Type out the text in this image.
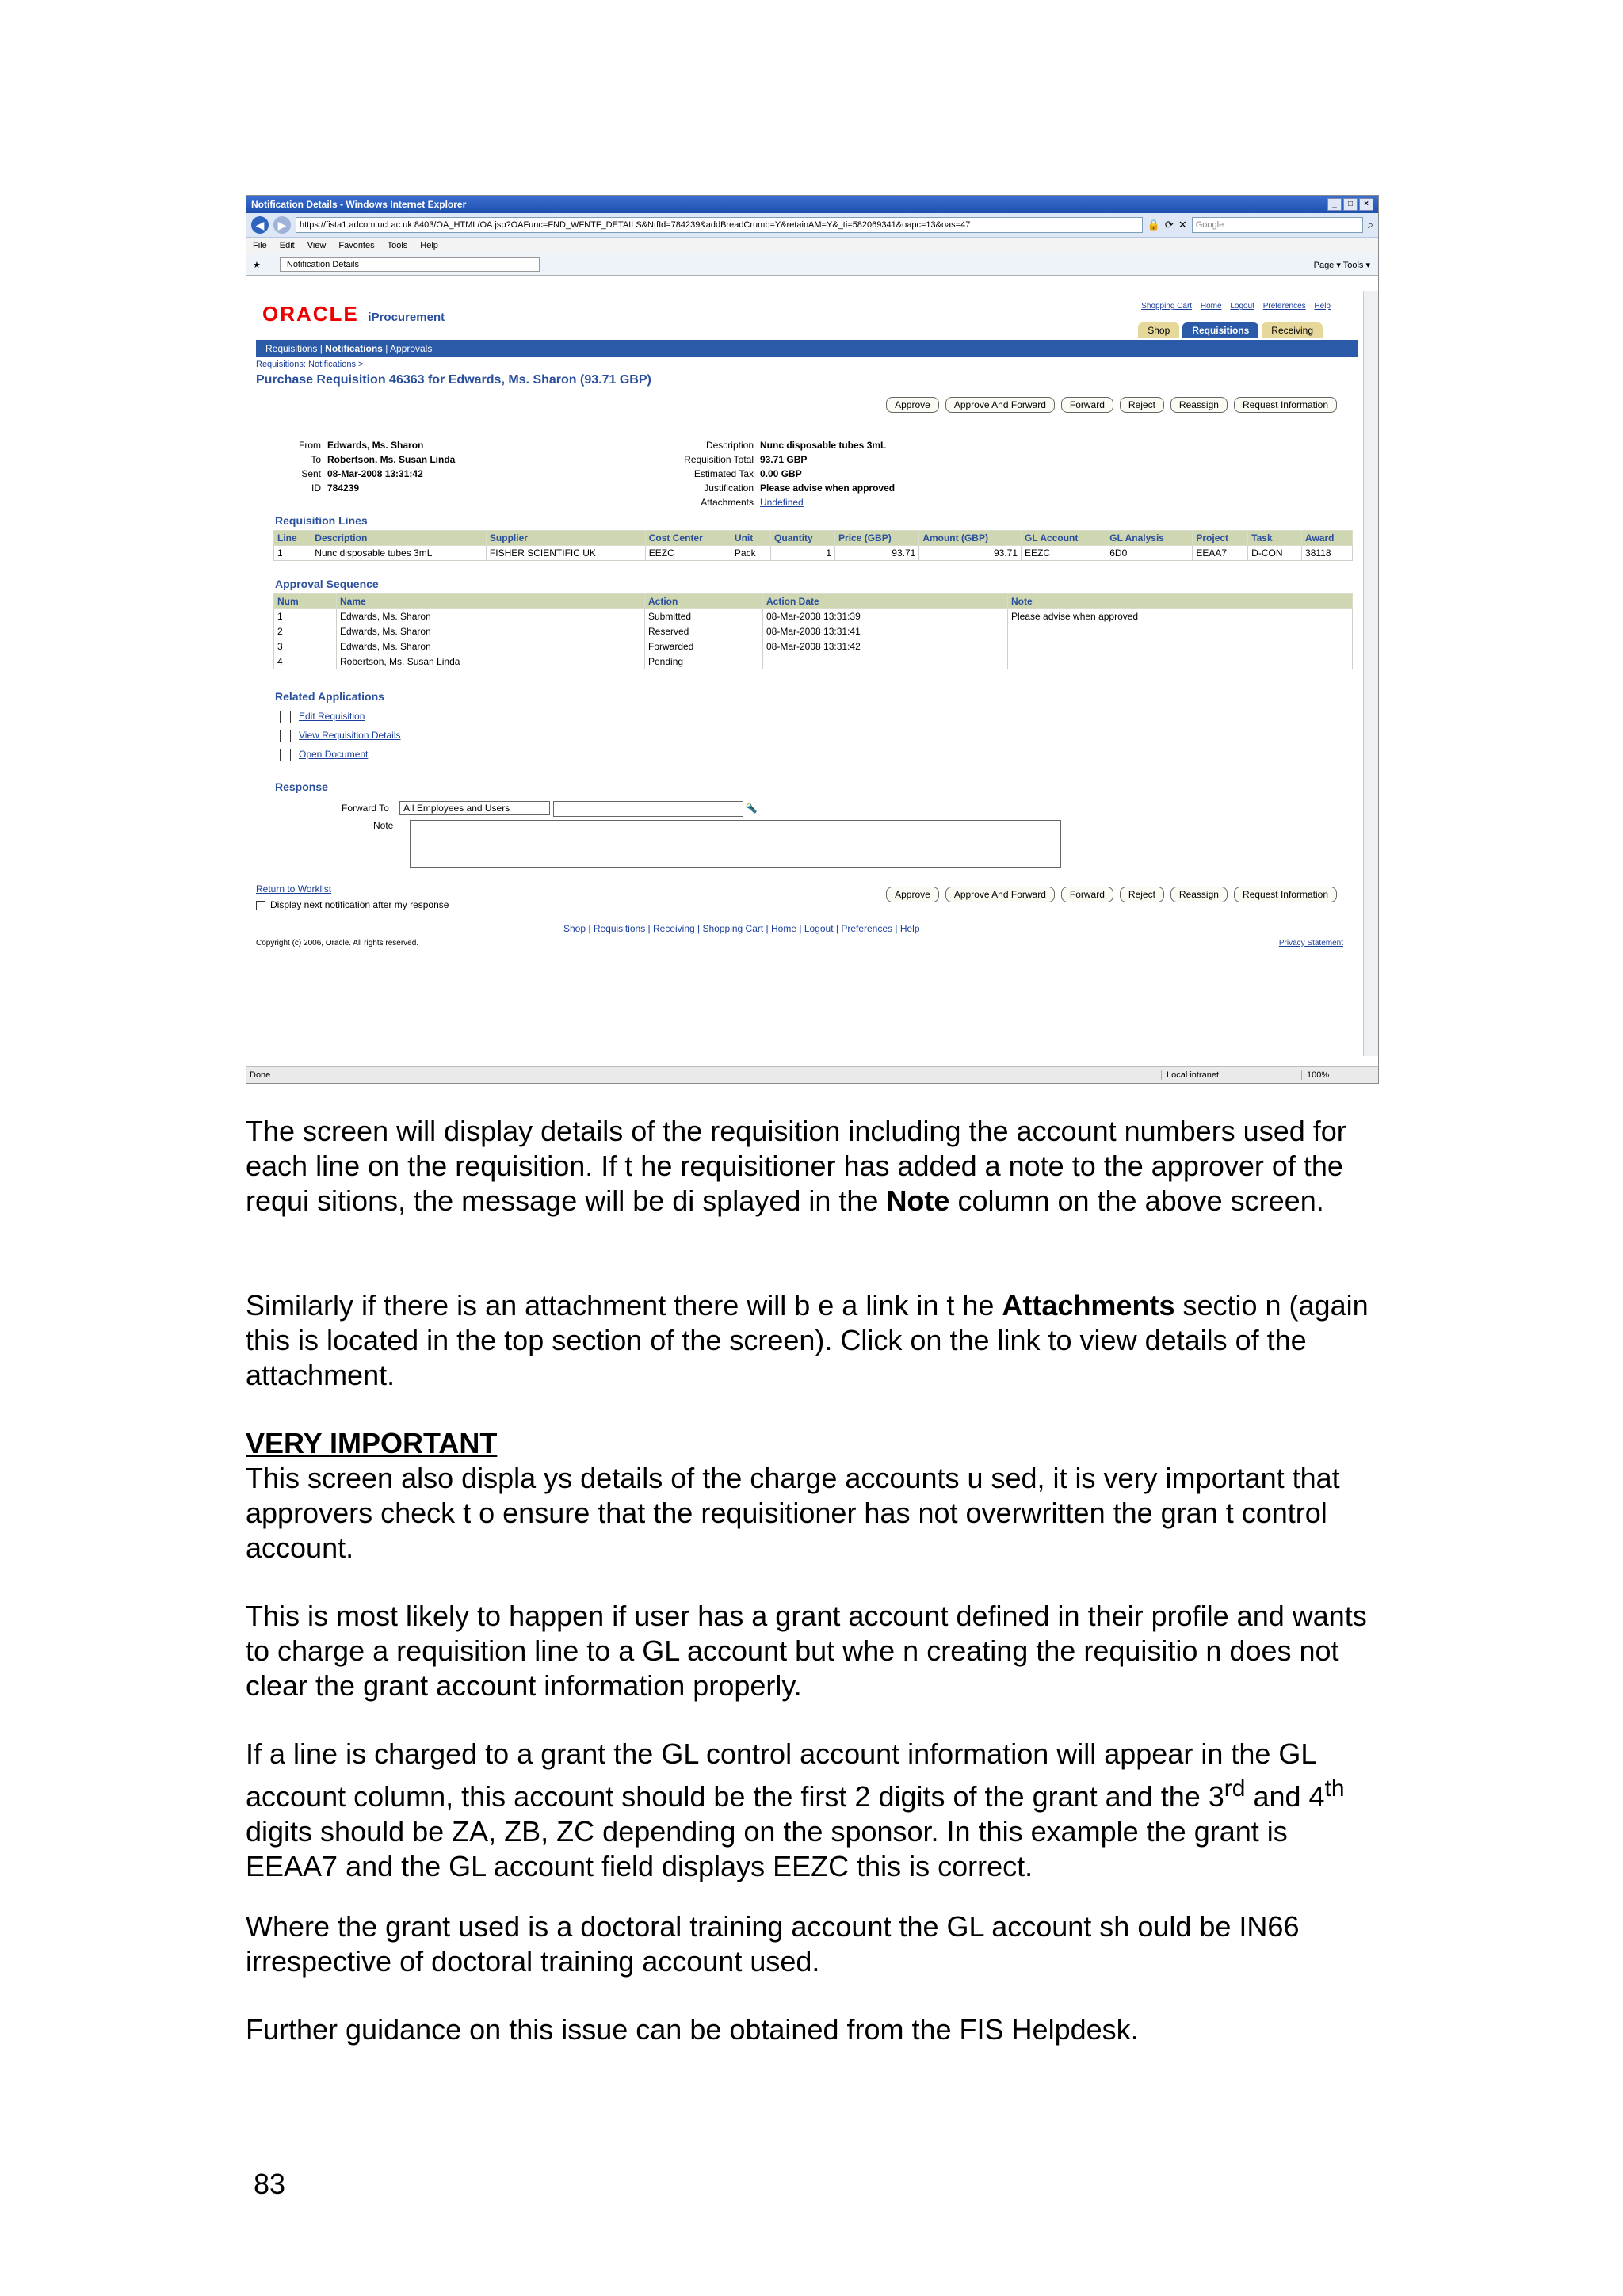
Notification Details - Windows Internet Explorer	_	□	×
◀	▶	https://fista1.adcom.ucl.ac.uk:8403/OA_HTML/OA.jsp?OAFunc=FND_WFNTF_DETAILS&NtfId=784239&addBreadCrumb=Y&retainAM=Y&_ti=582069341&oapc=13&oas=47	🔒 ⟳ ✕	Google	⌕
File Edit View Favorites Tools Help
★	Notification Details	Page ▾ Tools ▾
ORACLE iProcurement
Shopping Cart Home Logout Preferences Help
Shop	Requisitions	Receiving
Requisitions | Notifications | Approvals
Requisitions: Notifications >
Purchase Requisition 46363 for Edwards, Ms. Sharon (93.71 GBP)
Approve	Approve And Forward	Forward	Reject	Reassign	Request Information
From Edwards, Ms. Sharon
To Robertson, Ms. Susan Linda
Sent 08-Mar-2008 13:31:42
ID 784239
Description Nunc disposable tubes 3mL
Requisition Total 93.71 GBP
Estimated Tax 0.00 GBP
Justification Please advise when approved
Attachments Undefined
Requisition Lines
Line	Description	Supplier	Cost Center	Unit	Quantity	Price (GBP)	Amount (GBP)	GL Account	GL Analysis	Project	Task	Award
1	Nunc disposable tubes 3mL	FISHER SCIENTIFIC UK	EEZC	Pack	1	93.71	93.71	EEZC	6D0	EEAA7	D-CON	38118
Approval Sequence
Num	Name	Action	Action Date	Note
1	Edwards, Ms. Sharon	Submitted	08-Mar-2008 13:31:39	Please advise when approved
2	Edwards, Ms. Sharon	Reserved	08-Mar-2008 13:31:41	
3	Edwards, Ms. Sharon	Forwarded	08-Mar-2008 13:31:42	
4	Robertson, Ms. Susan Linda	Pending		
Related Applications
Edit Requisition
View Requisition Details
Open Document
Response
Forward To All Employees and Users	🔦
Note
Return to Worklist
Display next notification after my response
Approve	Approve And Forward	Forward	Reject	Reassign	Request Information
Shop | Requisitions | Receiving | Shopping Cart | Home | Logout | Preferences | Help
Copyright (c) 2006, Oracle. All rights reserved.	Privacy Statement
Done	Local intranet	100%

The screen will display details of the requisition including the account numbers used for each line on the requisition. If t he requisitioner has added a note to the approver of the requi sitions, the message will be di splayed in the Note column on the above screen.

Similarly if there is an attachment there will b e a link in t he Attachments sectio n (again this is located in the top section of the screen). Click on the link to view details of the attachment.

VERY IMPORTANT

This screen also displa ys details of the charge accounts u sed, it is very important that approvers check t o ensure that the requisitioner has not overwritten the gran t control account.

This is most likely to happen if user has a grant account defined in their profile and wants to charge a requisition line to a GL account but whe n creating the requisitio n does not clear the grant account information properly.

If a line is charged to a grant the GL control account information will appear in the GL account column, this account should be the first 2 digits of the grant and the 3rd and 4th digits should be ZA, ZB, ZC depending on the sponsor. In this example the grant is EEAA7 and the GL account field displays EEZC this is correct.

Where the grant used is a doctoral training account the GL account sh ould be IN66 irrespective of doctoral training account used.
Further guidance on this issue can be obtained from the FIS Helpdesk.
83
